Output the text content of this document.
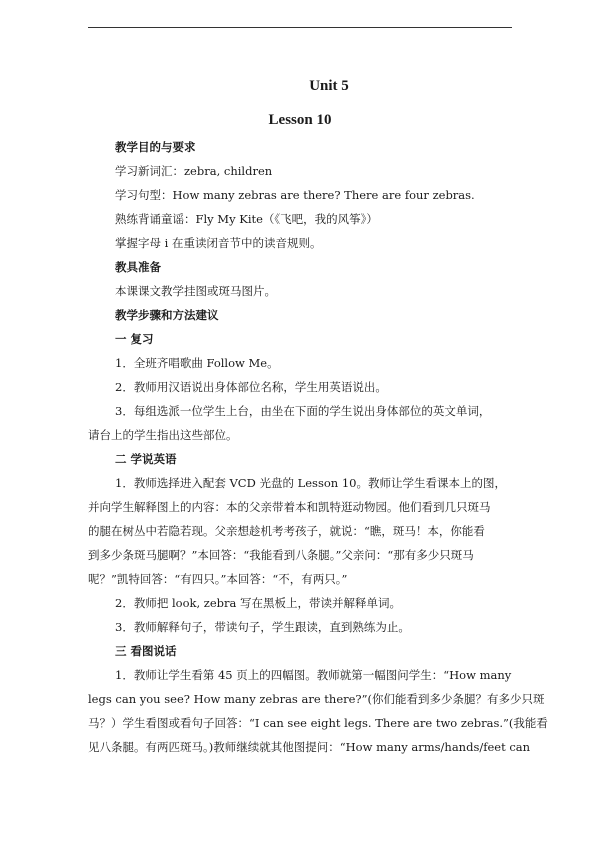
Unit 5
Lesson 10
教学目的与要求
学习新词汇：zebra, children
学习句型：How many zebras are there? There are four zebras.
熟练背诵童谣：Fly My Kite（《飞吧，我的风筝》）
掌握字母 i 在重读闭音节中的读音规则。
教具准备
本课课文教学挂图或斑马图片。
教学步骤和方法建议
一 复习
1．全班齐唱歌曲 Follow Me。
2．教师用汉语说出身体部位名称，学生用英语说出。
3．每组选派一位学生上台，由坐在下面的学生说出身体部位的英文单词，
请台上的学生指出这些部位。
二 学说英语
1．教师选择进入配套 VCD 光盘的 Lesson 10。教师让学生看课本上的图，
并向学生解释图上的内容：本的父亲带着本和凯特逛动物园。他们看到几只斑马
的腿在树丛中若隐若现。父亲想趁机考考孩子，就说：“瞧，斑马！本，你能看
到多少条斑马腿啊？”本回答：“我能看到八条腿。”父亲问：“那有多少只斑马
呢？”凯特回答：“有四只。”本回答：“不，有两只。”
2．教师把 look, zebra 写在黑板上，带读并解释单词。
3．教师解释句子，带读句子，学生跟读，直到熟练为止。
三 看图说话
1．教师让学生看第 45 页上的四幅图。教师就第一幅图问学生：“How many
legs can you see? How many zebras are there?”(你们能看到多少条腿？有多少只斑
马？）学生看图或看句子回答：“I can see eight legs. There are two zebras.”(我能看
见八条腿。有两匹斑马。)教师继续就其他图提问：“How many arms/hands/feet can
